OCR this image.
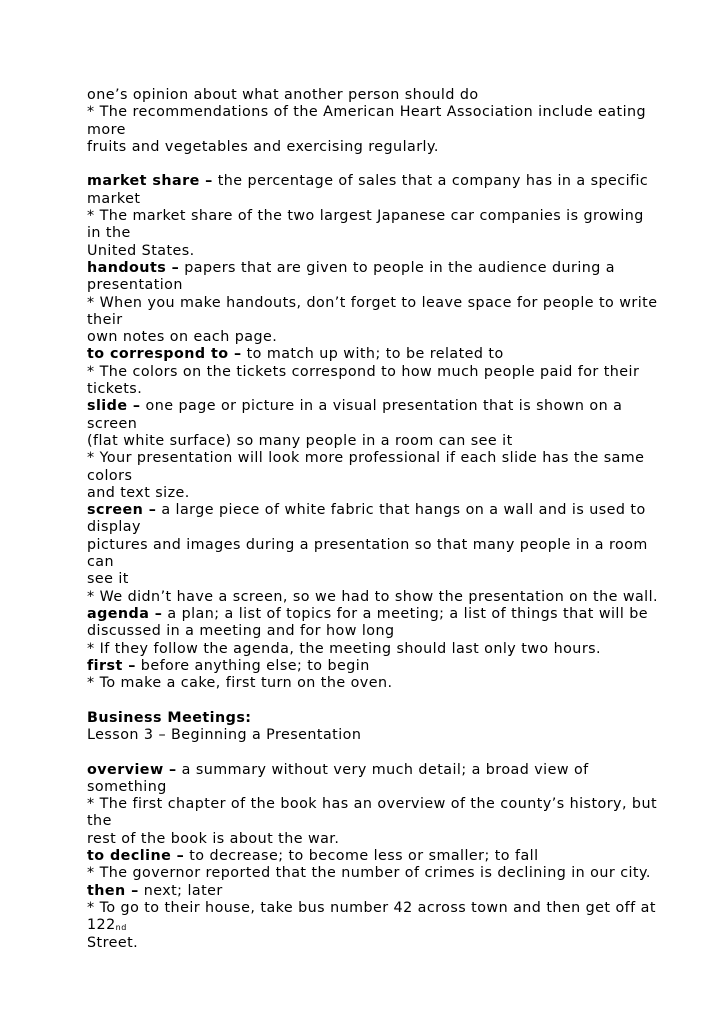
one’s opinion about what another person should do
* The recommendations of the American Heart Association include eating
more
fruits and vegetables and exercising regularly.
market share – the percentage of sales that a company has in a specific
market
* The market share of the two largest Japanese car companies is growing
in the
United States.
handouts – papers that are given to people in the audience during a
presentation
* When you make handouts, don’t forget to leave space for people to write
their
own notes on each page.
to correspond to – to match up with; to be related to
* The colors on the tickets correspond to how much people paid for their
tickets.
slide – one page or picture in a visual presentation that is shown on a
screen
(flat white surface) so many people in a room can see it
* Your presentation will look more professional if each slide has the same
colors
and text size.
screen – a large piece of white fabric that hangs on a wall and is used to
display
pictures and images during a presentation so that many people in a room
can
see it
* We didn’t have a screen, so we had to show the presentation on the wall.
agenda – a plan; a list of topics for a meeting; a list of things that will be
discussed in a meeting and for how long
* If they follow the agenda, the meeting should last only two hours.
first – before anything else; to begin
* To make a cake, first turn on the oven.
Business Meetings:
Lesson 3 – Beginning a Presentation
overview – a summary without very much detail; a broad view of
something
* The first chapter of the book has an overview of the county’s history, but
the
rest of the book is about the war.
to decline – to decrease; to become less or smaller; to fall
* The governor reported that the number of crimes is declining in our city.
then – next; later
* To go to their house, take bus number 42 across town and then get off at
122nd
Street.
